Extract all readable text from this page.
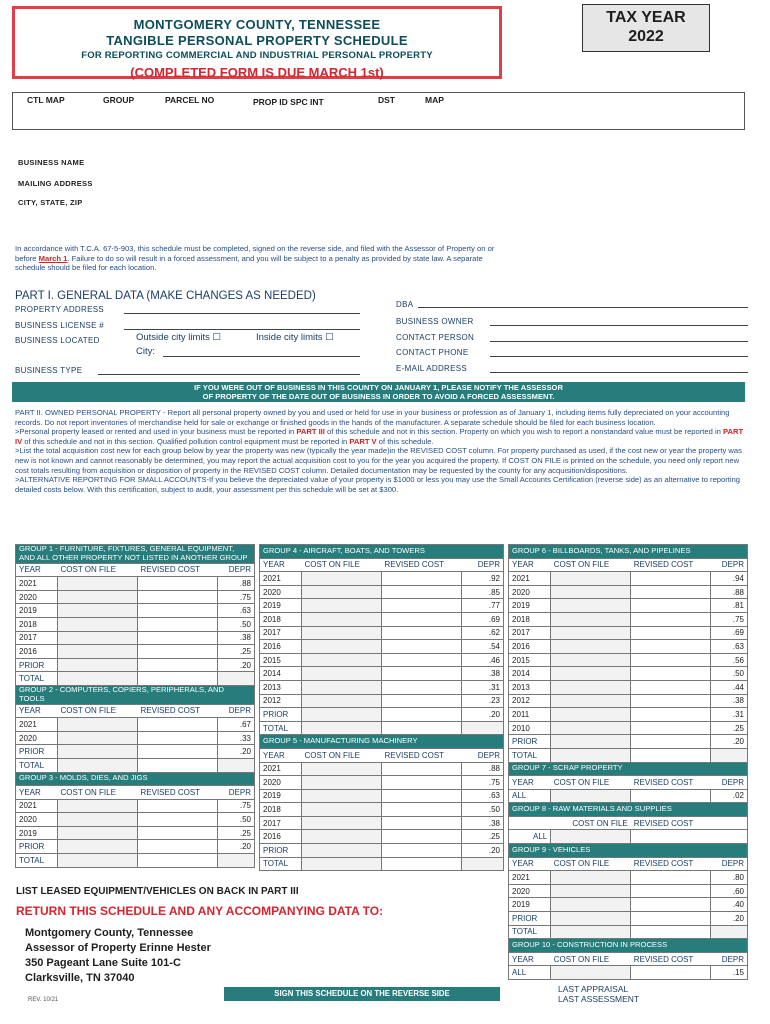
MONTGOMERY COUNTY, TENNESSEE
TANGIBLE PERSONAL PROPERTY SCHEDULE
FOR REPORTING COMMERCIAL AND INDUSTRIAL PERSONAL PROPERTY
(COMPLETED FORM IS DUE MARCH 1st)
TAX YEAR
2022
CTL MAP	GROUP	PARCEL NO	PROP ID SPC INT	DST	MAP
BUSINESS NAME
MAILING ADDRESS
CITY, STATE, ZIP
In accordance with T.C.A. 67-5-903, this schedule must be completed, signed on the reverse side, and filed with the Assessor of Property on or before March 1. Failure to do so will result in a forced assessment, and you will be subject to a penalty as provided by state law. A separate schedule should be filed for each location.
PART I. GENERAL DATA (MAKE CHANGES AS NEEDED)
PROPERTY ADDRESS
BUSINESS LICENSE #
BUSINESS LOCATED	Outside city limits ☐	Inside city limits ☐
City:
BUSINESS TYPE
DBA
BUSINESS OWNER
CONTACT PERSON
CONTACT PHONE
E-MAIL ADDRESS
IF YOU WERE OUT OF BUSINESS IN THIS COUNTY ON JANUARY 1, PLEASE NOTIFY THE ASSESSOR
OF PROPERTY OF THE DATE OUT OF BUSINESS IN ORDER TO AVOID A FORCED ASSESSMENT.
PART II. OWNED PERSONAL PROPERTY - Report all personal property owned by you and used or held for use in your business or profession as of January 1, including items fully depreciated on your accounting records. Do not report inventories of merchandise held for sale or exchange or finished goods in the hands of the manufacturer. A separate schedule should be filed for each business location.
>Personal property leased or rented and used in your business must be reported in PART III of this schedule and not in this section. Property on which you wish to report a nonstandard value must be reported in PART IV of this schedule and not in this section. Qualified pollution control equipment must be reported in PART V of this schedule.
>List the total acquisition cost new for each group below by year the property was new (typically the year made)in the REVISED COST column. For property purchased as used, if the cost new or year the property was new is not known and cannot reasonably be determined, you may report the actual acquisition cost to you for the year you acquired the property. If COST ON FILE is printed on the schedule, you need only report new cost totals resulting from acquisition or disposition of property in the REVISED COST column. Detailed documentation may be requested by the county for any acquisition/dispositions.
>ALTERNATIVE REPORTING FOR SMALL ACCOUNTS-If you believe the depreciated value of your property is $1000 or less you may use the Small Accounts Certification (reverse side) as an alternative to reporting detailed costs below. With this certification, subject to audit, your assessment per this schedule will be set at $300.
GROUP 1 - FURNITURE, FIXTURES, GENERAL EQUIPMENT, AND ALL OTHER PROPERTY NOT LISTED IN ANOTHER GROUP			
YEAR	COST ON FILE	REVISED COST	DEPR
2021			.88
2020			.75
2019			.63
2018			.50
2017			.38
2016			.25
PRIOR			.20
TOTAL			
GROUP 2 - COMPUTERS, COPIERS, PERIPHERALS, AND TOOLS			
YEAR	COST ON FILE	REVISED COST	DEPR
2021			.67
2020			.33
PRIOR			.20
TOTAL			
GROUP 3 - MOLDS, DIES, AND JIGS			
YEAR	COST ON FILE	REVISED COST	DEPR
2021			.75
2020			.50
2019			.25
PRIOR			.20
TOTAL			
GROUP 4 - AIRCRAFT, BOATS, AND TOWERS			
YEAR	COST ON FILE	REVISED COST	DEPR
2021			.92
2020			.85
2019			.77
2018			.69
2017			.62
2016			.54
2015			.46
2014			.38
2013			.31
2012			.23
PRIOR			.20
TOTAL			
GROUP 5 - MANUFACTURING MACHINERY			
YEAR	COST ON FILE	REVISED COST	DEPR
2021			.88
2020			.75
2019			.63
2018			.50
2017			.38
2016			.25
PRIOR			.20
TOTAL			
GROUP 6 - BILLBOARDS, TANKS, AND PIPELINES			
YEAR	COST ON FILE	REVISED COST	DEPR
2021			.94
2020			.88
2019			.81
2018			.75
2017			.69
2016			.63
2015			.56
2014			.50
2013			.44
2012			.38
2011			.31
2010			.25
PRIOR			.20
TOTAL			
GROUP 7 - SCRAP PROPERTY			
YEAR	COST ON FILE	REVISED COST	DEPR
ALL			.02
GROUP 8 - RAW MATERIALS AND SUPPLIES			
	COST ON FILE	REVISED COST	
ALL			
GROUP 9 - VEHICLES			
YEAR	COST ON FILE	REVISED COST	DEPR
2021			.80
2020			.60
2019			.40
PRIOR			.20
TOTAL			
GROUP 10 - CONSTRUCTION IN PROCESS			
YEAR	COST ON FILE	REVISED COST	DEPR
ALL			.15
LIST LEASED EQUIPMENT/VEHICLES ON BACK IN PART III
RETURN THIS SCHEDULE AND ANY ACCOMPANYING DATA TO:
Montgomery County, Tennessee
Assessor of Property Erinne Hester
350 Pageant Lane Suite 101-C
Clarksville, TN 37040
REV. 10/21
SIGN THIS SCHEDULE ON THE REVERSE SIDE	LAST APPRAISAL
LAST ASSESSMENT
